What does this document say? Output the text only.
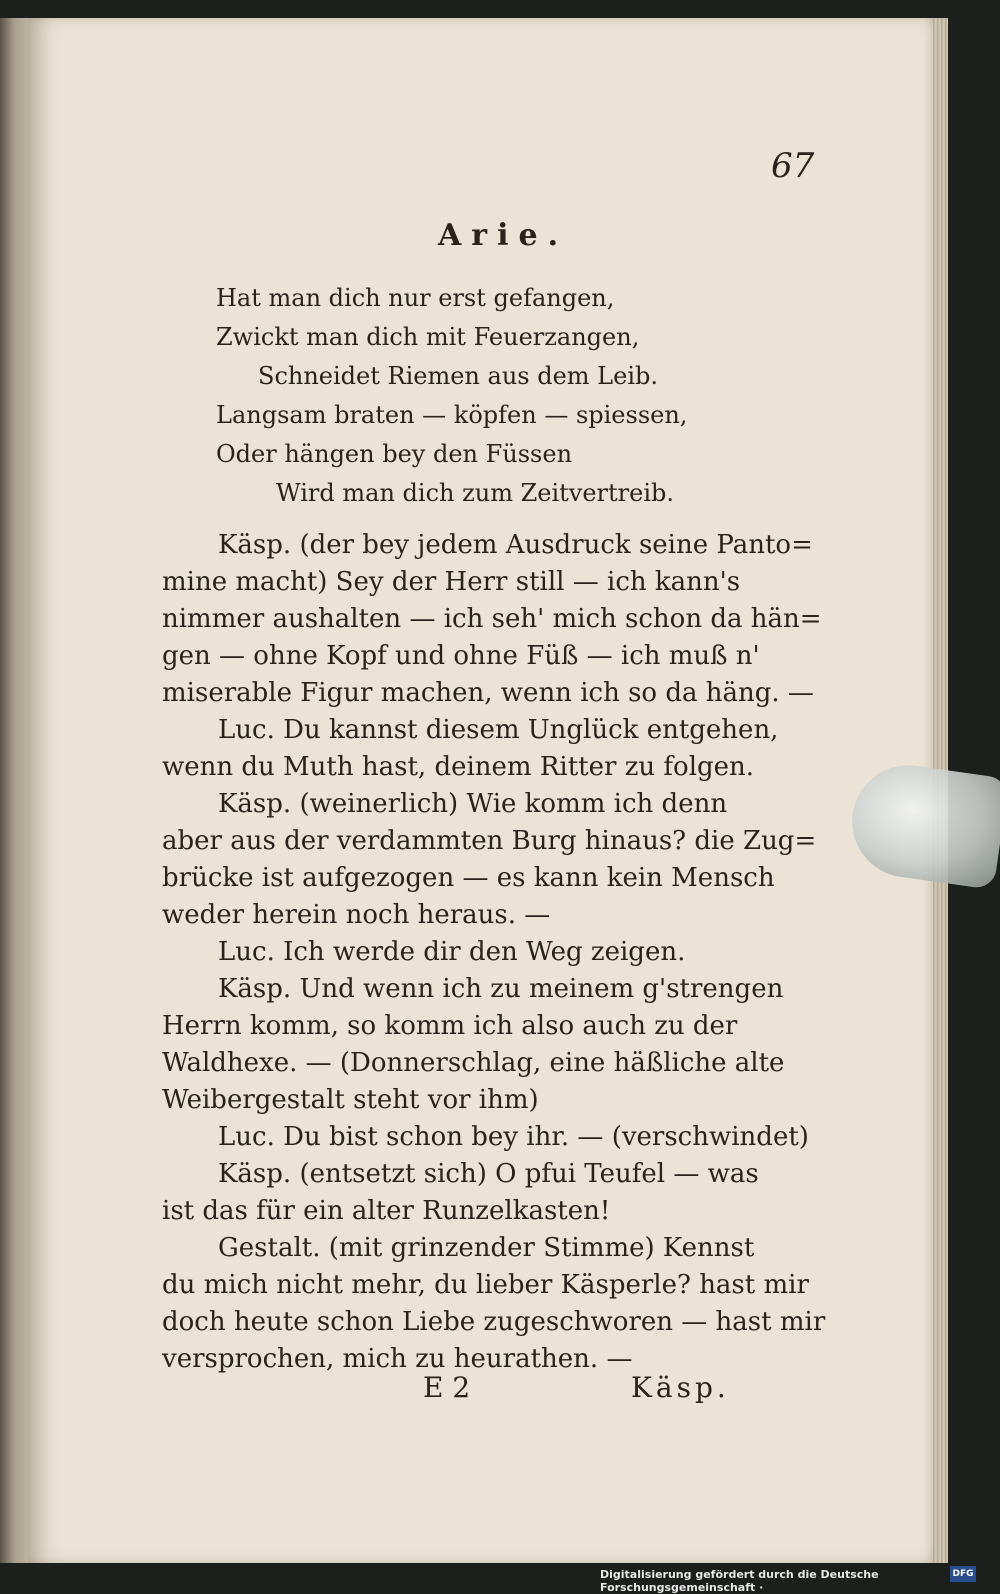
67
Arie.
Hat man dich nur erst gefangen,
Zwickt man dich mit Feuerzangen,
Schneidet Riemen aus dem Leib.
Langsam braten — köpfen — spiessen,
Oder hängen bey den Füssen
Wird man dich zum Zeitvertreib.
Käsp. (der bey jedem Ausdruck seine Panto=
mine macht) Sey der Herr still — ich kann's
nimmer aushalten — ich seh' mich schon da hän=
gen — ohne Kopf und ohne Füß — ich muß n'
miserable Figur machen, wenn ich so da häng. —
Luc. Du kannst diesem Unglück entgehen,
wenn du Muth hast, deinem Ritter zu folgen.
Käsp. (weinerlich) Wie komm ich denn
aber aus der verdammten Burg hinaus? die Zug=
brücke ist aufgezogen — es kann kein Mensch
weder herein noch heraus. —
Luc. Ich werde dir den Weg zeigen.
Käsp. Und wenn ich zu meinem g'strengen
Herrn komm, so komm ich also auch zu der
Waldhexe. — (Donnerschlag, eine häßliche alte
Weibergestalt steht vor ihm)
Luc. Du bist schon bey ihr. — (verschwindet)
Käsp. (entsetzt sich) O pfui Teufel — was
ist das für ein alter Runzelkasten!
Gestalt. (mit grinzender Stimme) Kennst
du mich nicht mehr, du lieber Käsperle? hast mir
doch heute schon Liebe zugeschworen — hast mir
versprochen, mich zu heurathen. —
E 2	Käsp.
Digitalisierung gefördert durch die Deutsche Forschungsgemeinschaft ·
DFG
